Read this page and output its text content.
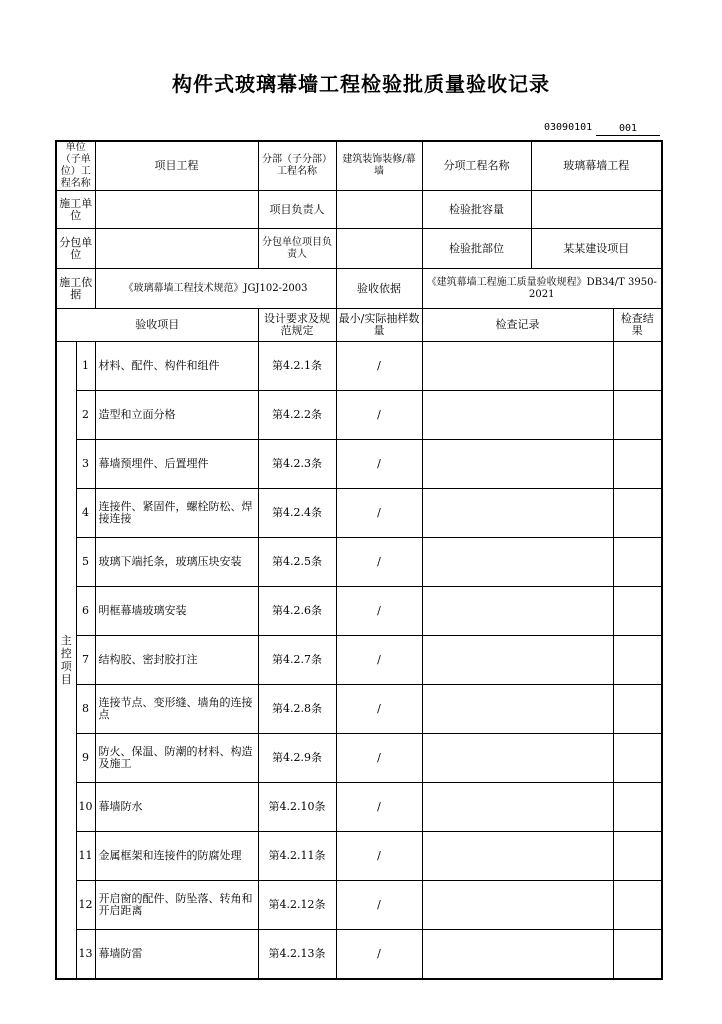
构件式玻璃幕墙工程检验批质量验收记录
03090101	001
单位（子单位）工程名称		项目工程	分部（子分部）工程名称	建筑装饰装修/幕墙	分项工程名称	玻璃幕墙工程	
施工单位			项目负责人		检验批容量		
分包单位			分包单位项目负责人		检验批部位	某某建设项目	
施工依据		《玻璃幕墙工程技术规范》JGJ102-2003		验收依据	《建筑幕墙工程施工质量验收规程》DB34/T 3950-2021		
验收项目			设计要求及规范规定	最小/实际抽样数量	检查记录		检查结果

主控项目	1	材料、配件、构件和组件	第4.2.1条	/			
	2	造型和立面分格	第4.2.2条	/			
	3	幕墙预埋件、后置埋件	第4.2.3条	/			
	4	连接件、紧固件，螺栓防松、焊接连接	第4.2.4条	/			
	5	玻璃下端托条，玻璃压块安装	第4.2.5条	/			
	6	明框幕墙玻璃安装	第4.2.6条	/			
	7	结构胶、密封胶打注	第4.2.7条	/			
	8	连接节点、变形缝、墙角的连接点	第4.2.8条	/			
	9	防火、保温、防潮的材料、构造及施工	第4.2.9条	/			
	10	幕墙防水	第4.2.10条	/			
	11	金属框架和连接件的防腐处理	第4.2.11条	/			
	12	开启窗的配件、防坠落、转角和开启距离	第4.2.12条	/			
	13	幕墙防雷	第4.2.13条	/			
